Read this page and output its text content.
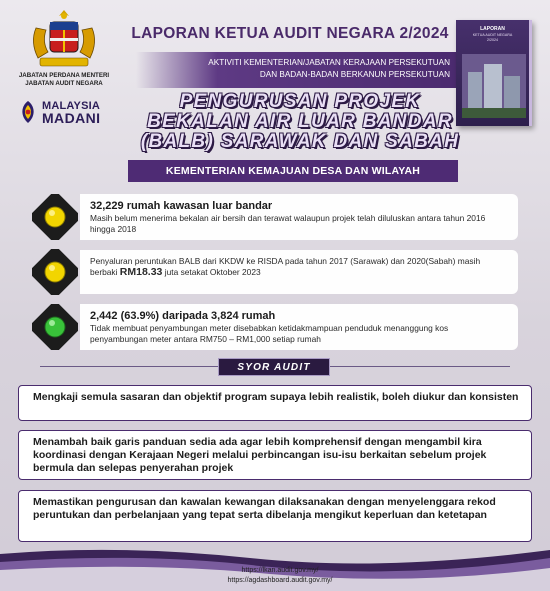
JABATAN PERDANA MENTERI
JABATAN AUDIT NEGARA
MALAYSIA
MADANI
LAPORAN KETUA AUDIT NEGARA 2/2024
AKTIVITI KEMENTERIAN/JABATAN KERAJAAN PERSEKUTUAN
DAN BADAN-BADAN BERKANUN PERSEKUTUAN
LAPORAN
KETUA AUDIT NEGARA
2/2024
PENGURUSAN PROJEK
BEKALAN AIR LUAR BANDAR
(BALB) SARAWAK DAN SABAH
KEMENTERIAN KEMAJUAN DESA DAN WILAYAH
32,229 rumah kawasan luar bandar
Masih belum menerima bekalan air bersih dan terawat walaupun projek telah diluluskan antara tahun 2016 hingga 2018
Penyaluran peruntukan BALB dari KKDW ke RISDA pada tahun 2017 (Sarawak) dan 2020(Sabah) masih berbaki RM18.33 juta setakat Oktober 2023
2,442 (63.9%) daripada 3,824 rumah
Tidak membuat penyambungan meter disebabkan ketidakmampuan penduduk menanggung kos penyambungan meter antara RM750 – RM1,000 setiap rumah
SYOR AUDIT
Mengkaji semula sasaran dan objektif program supaya lebih realistik, boleh diukur dan konsisten
Menambah baik garis panduan sedia ada agar lebih komprehensif dengan mengambil kira koordinasi dengan Kerajaan Negeri melalui perbincangan isu-isu berkaitan sebelum projek bermula dan selepas penyerahan projek
Memastikan pengurusan dan kawalan kewangan dilaksanakan dengan menyelenggara rekod peruntukan dan perbelanjaan yang tepat serta dibelanja mengikut keperluan dan ketetapan
https://lkan.audit.gov.my/
https://agdashboard.audit.gov.my/
